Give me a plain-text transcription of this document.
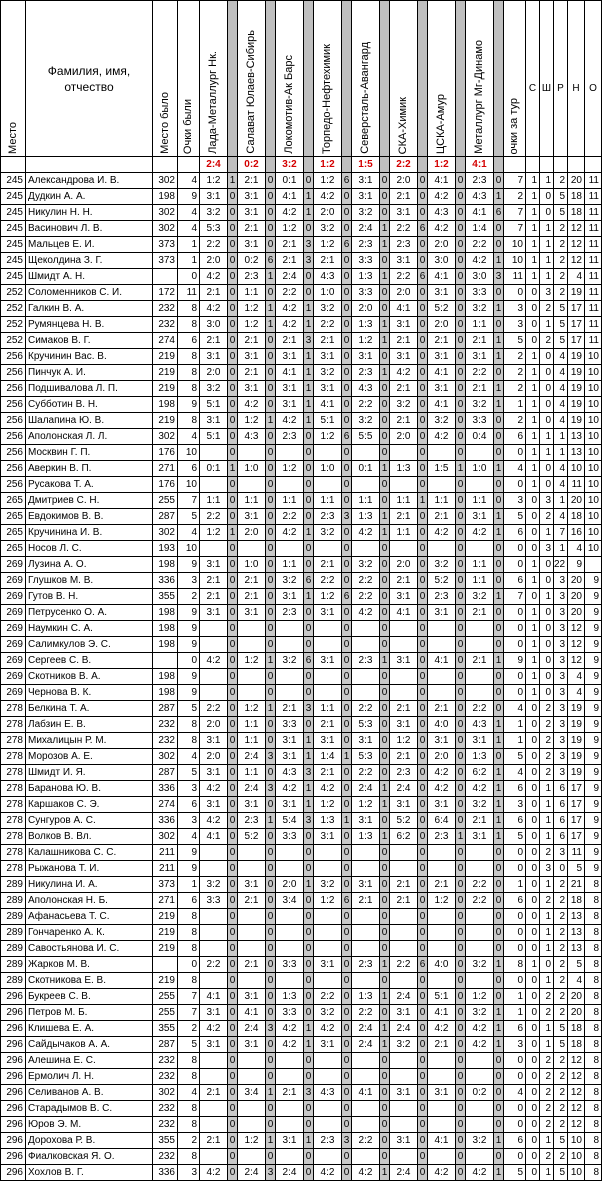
Место	Фамилия, имя, отчество	Место было	Очки были	Лада-Металлург Нк.		Салават Юлаев-Сибирь		Локомотив-Ак Барс		Торпедо-Нефтехимик		Северсталь-Авангард		СКА-Химик		ЦСКА-Амур		Металлург Мг-Динамо		очки за тур	С	Ш	Р	Н	О

				2:4		0:2		3:2		1:2		1:5		2:2		1:2		4:1							
245	Александрова И. В.	302	4	1:2	1	2:1	0	0:1	0	1:2	6	3:1	0	2:0	0	4:1	0	2:3	0	7	1	1	2	20	11
245	Дудкин А. А.	198	9	3:1	0	3:1	0	4:1	1	4:2	0	3:1	0	2:1	0	4:2	0	4:3	1	2	1	0	5	18	11
245	Никулин Н. Н.	302	4	3:2	0	3:1	0	4:2	1	2:0	0	3:2	0	3:1	0	4:3	0	4:1	6	7	1	0	5	18	11
245	Васинович Л. В.	302	4	5:3	0	2:1	0	1:2	0	3:2	0	2:4	1	2:2	6	4:2	0	1:4	0	7	1	1	2	12	11
245	Мальцев Е. И.	373	1	2:2	0	3:1	0	2:1	3	1:2	6	2:3	1	2:3	0	2:0	0	2:2	0	10	1	1	2	12	11
245	Щеколдина З. Г.	373	1	2:0	0	0:2	6	2:1	3	2:1	0	3:3	0	3:1	0	3:0	0	4:2	1	10	1	1	2	12	11
245	Шмидт А. Н.		0	4:2	0	2:3	1	2:4	0	4:3	0	1:3	1	2:2	6	4:1	0	3:0	3	11	1	1	2	4	11
252	Соломенников С. И.	172	11	2:1	0	1:1	0	2:2	0	1:0	0	3:3	0	2:0	0	3:1	0	3:3	0	0	0	3	2	19	11
252	Галкин В. А.	232	8	4:2	0	1:2	1	4:2	1	3:2	0	2:0	0	4:1	0	5:2	0	3:2	1	3	0	2	5	17	11
252	Румянцева Н. В.	232	8	3:0	0	1:2	1	4:2	1	2:2	0	1:3	1	3:1	0	2:0	0	1:1	0	3	0	1	5	17	11
252	Симаков В. Г.	274	6	2:1	0	2:1	0	2:1	3	2:1	0	1:2	1	2:1	0	2:1	0	2:1	1	5	0	2	5	17	11
256	Кручинин Вас. В.	219	8	3:1	0	3:1	0	3:1	1	3:1	0	3:1	0	3:1	0	3:1	0	3:1	1	2	1	0	4	19	10
256	Пинчук А. И.	219	8	2:0	0	2:1	0	4:1	1	3:2	0	2:3	1	4:2	0	4:1	0	2:2	0	2	1	0	4	19	10
256	Подшивалова Л. П.	219	8	3:2	0	3:1	0	3:1	1	3:1	0	4:3	0	2:1	0	3:1	0	2:1	1	2	1	0	4	19	10
256	Субботин В. Н.	198	9	5:1	0	4:2	0	3:1	1	4:1	0	2:2	0	3:2	0	4:1	0	3:2	1	1	1	0	4	19	10
256	Шалапина Ю. В.	219	8	3:1	0	1:2	1	4:2	1	5:1	0	3:2	0	2:1	0	3:2	0	3:3	0	2	1	0	4	19	10
256	Аполонская Л. Л.	302	4	5:1	0	4:3	0	2:3	0	1:2	6	5:5	0	2:0	0	4:2	0	0:4	0	6	1	1	1	13	10
256	Москвин Г. П.	176	10		0		0		0		0		0		0		0		0	0	1	1	1	13	10
256	Аверкин В. П.	271	6	0:1	1	1:0	0	1:2	0	1:0	0	0:1	1	1:3	0	1:5	1	1:0	1	4	1	0	4	10	10
256	Русакова Т. А.	176	10		0		0		0		0		0		0		0		0	0	1	0	4	11	10
265	Дмитриев С. Н.	255	7	1:1	0	1:1	0	1:1	0	1:1	0	1:1	0	1:1	1	1:1	0	1:1	0	3	0	3	1	20	10
265	Евдокимов В. В.	287	5	2:2	0	3:1	0	2:2	0	2:3	3	1:3	1	2:1	0	2:1	0	3:1	1	5	0	2	4	18	10
265	Кручинина И. В.	302	4	1:2	1	2:0	0	4:2	1	3:2	0	4:2	1	1:1	0	4:2	0	4:2	1	6	0	1	7	16	10
265	Носов Л. С.	193	10		0		0		0		0		0		0		0		0	0	0	3	1	4	10
269	Лузина А. О.	198	9	3:1	0	1:0	0	1:1	0	2:1	0	3:2	0	2:0	0	3:2	0	1:1	0	0	1	0	22	9	
269	Глушков М. В.	336	3	2:1	0	2:1	0	3:2	6	2:2	0	2:2	0	2:1	0	5:2	0	1:1	0	6	1	0	3	20	9
269	Гутов В. Н.	355	2	2:1	0	2:1	0	3:1	1	1:2	6	2:2	0	3:1	0	2:3	0	3:2	1	7	0	1	3	20	9
269	Петрусенко О. А.	198	9	3:1	0	3:1	0	2:3	0	3:1	0	4:2	0	4:1	0	3:1	0	2:1	0	0	1	0	3	20	9
269	Наумкин С. А.	198	9		0		0		0		0		0		0		0		0	0	1	0	3	12	9
269	Салимкулов Э. С.	198	9		0		0		0		0		0		0		0		0	0	1	0	3	12	9
269	Сергеев С. В.		0	4:2	0	1:2	1	3:2	6	3:1	0	2:3	1	3:1	0	4:1	0	2:1	1	9	1	0	3	12	9
269	Скотников В. А.	198	9		0		0		0		0		0		0		0		0	0	1	0	3	4	9
269	Чернова В. К.	198	9		0		0		0		0		0		0		0		0	0	1	0	3	4	9
278	Белкина Т. А.	287	5	2:2	0	1:2	1	2:1	3	1:1	0	2:2	0	2:1	0	2:1	0	2:2	0	4	0	2	3	19	9
278	Лабзин Е. В.	232	8	2:0	0	1:1	0	3:3	0	2:1	0	5:3	0	3:1	0	4:0	0	4:3	1	1	0	2	3	19	9
278	Михалицын Р. М.	232	8	3:1	0	1:1	0	3:1	1	3:1	0	3:1	0	1:2	0	3:1	0	3:1	1	1	0	2	3	19	9
278	Морозов А. Е.	302	4	2:0	0	2:4	3	3:1	1	1:4	1	5:3	0	2:1	0	2:0	0	1:3	0	5	0	2	3	19	9
278	Шмидт И. Я.	287	5	3:1	0	1:1	0	4:3	3	2:1	0	2:2	0	2:3	0	4:2	0	6:2	1	4	0	2	3	19	9
278	Баранова Ю. В.	336	3	4:2	0	2:4	3	4:2	1	4:2	0	2:4	1	2:4	0	4:2	0	4:2	1	6	0	1	6	17	9
278	Каршаков С. Э.	274	6	3:1	0	3:1	0	3:1	1	1:2	0	1:2	1	3:1	0	3:1	0	3:2	1	3	0	1	6	17	9
278	Сунгуров А. С.	336	3	4:2	0	2:3	1	5:4	3	1:3	1	3:1	0	5:2	0	6:4	0	2:1	1	6	0	1	6	17	9
278	Волков В. Вл.	302	4	4:1	0	5:2	0	3:3	0	3:1	0	1:3	1	6:2	0	2:3	1	3:1	1	5	0	1	6	17	9
278	Калашникова С. С.	211	9		0		0		0		0		0		0		0		0	0	0	2	3	11	9
278	Рыжанова Т. И.	211	9		0		0		0		0		0		0		0		0	0	0	3	0	5	9
289	Никулина И. А.	373	1	3:2	0	3:1	0	2:0	1	3:2	0	3:1	0	2:1	0	2:1	0	2:2	0	1	0	1	2	21	8
289	Аполонская Н. Б.	271	6	3:3	0	2:1	0	3:4	0	1:2	6	2:1	0	2:1	0	1:2	0	2:2	0	6	0	2	2	18	8
289	Афанасьева Т. С.	219	8		0		0		0		0		0		0		0		0	0	0	1	2	13	8
289	Гончаренко А. К.	219	8		0		0		0		0		0		0		0		0	0	0	1	2	13	8
289	Савостьянова И. С.	219	8		0		0		0		0		0		0		0		0	0	0	1	2	13	8
289	Жарков М. В.		0	2:2	0	2:1	0	3:3	0	3:1	0	2:3	1	2:2	6	4:0	0	3:2	1	8	1	0	2	5	8
289	Скотникова Е. В.	219	8		0		0		0		0		0		0		0		0	0	0	1	2	4	8
296	Букреев С. В.	255	7	4:1	0	3:1	0	1:3	0	2:2	0	1:3	1	2:4	0	5:1	0	1:2	0	1	0	2	2	20	8
296	Петров М. Б.	255	7	3:1	0	4:1	0	3:3	0	3:2	0	2:2	0	3:1	0	4:1	0	3:2	1	1	0	2	2	20	8
296	Клишева Е. А.	355	2	4:2	0	2:4	3	4:2	1	4:2	0	2:4	1	2:4	0	4:2	0	4:2	1	6	0	1	5	18	8
296	Сайдычаков А. А.	287	5	3:1	0	3:1	0	4:2	1	3:1	0	2:4	1	3:2	0	2:1	0	4:2	1	3	0	1	5	18	8
296	Алешина Е. С.	232	8		0		0		0		0		0		0		0		0	0	0	2	2	12	8
296	Ермолич Л. Н.	232	8		0		0		0		0		0		0		0		0	0	0	2	2	12	8
296	Селиванов А. В.	302	4	2:1	0	3:4	1	2:1	3	4:3	0	4:1	0	3:1	0	3:1	0	0:2	0	4	0	2	2	12	8
296	Старадымов В. С.	232	8		0		0		0		0		0		0		0		0	0	0	2	2	12	8
296	Юров Э. М.	232	8		0		0		0		0		0		0		0		0	0	0	2	2	12	8
296	Дорохова Р. В.	355	2	2:1	0	1:2	1	3:1	1	2:3	3	2:2	0	3:1	0	4:1	0	3:2	1	6	0	1	5	10	8
296	Фиалковская Я. О.	232	8		0		0		0		0		0		0		0		0	0	0	2	2	10	8
296	Хохлов В. Г.	336	3	4:2	0	2:4	3	2:4	0	4:2	0	4:2	1	2:4	0	4:2	0	4:2	1	5	0	1	5	10	8
